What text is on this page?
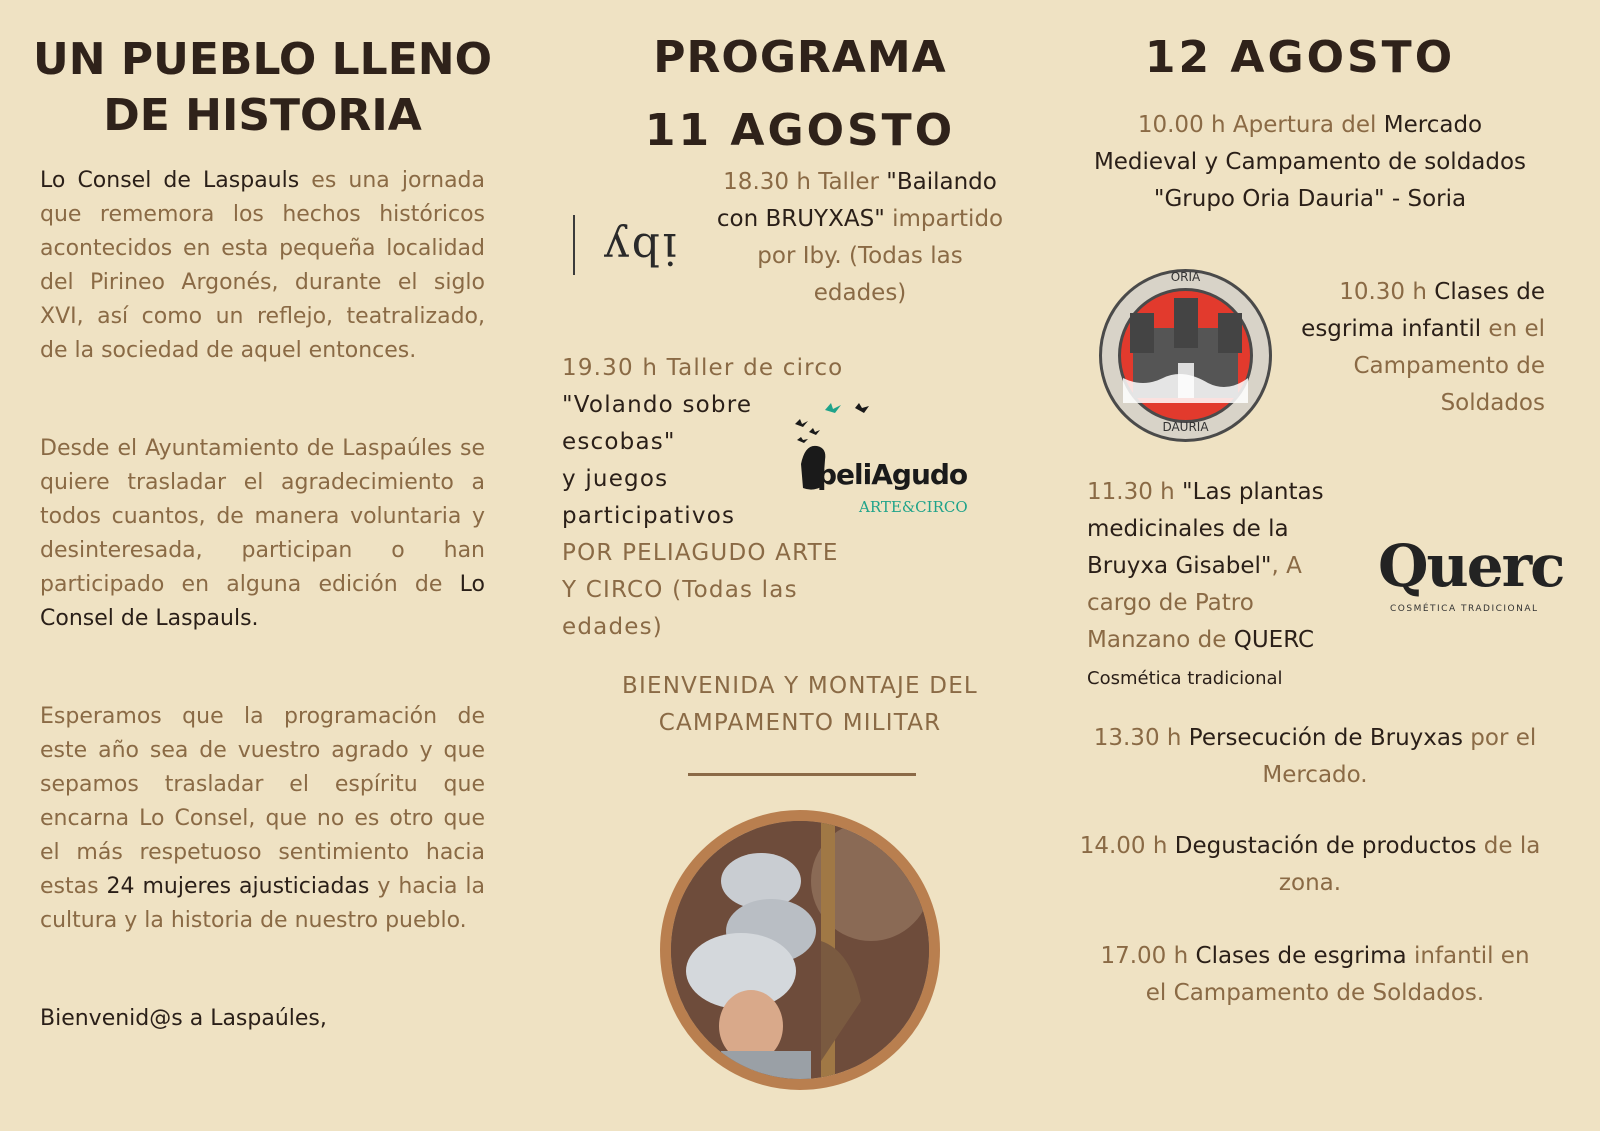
UN PUEBLO LLENO
DE HISTORIA
Lo Consel de Laspauls es una jornada que rememora los hechos históricos acontecidos en esta pequeña localidad del Pirineo Argonés, durante el siglo XVI, así como un reflejo, teatralizado, de la sociedad de aquel entonces.
Desde el Ayuntamiento de Laspaúles se quiere trasladar el agradecimiento a todos cuantos, de manera voluntaria y desinteresada, participan o han participado en alguna edición de Lo Consel de Laspauls.
Esperamos que la programación de este año sea de vuestro agrado y que sepamos trasladar el espíritu que encarna Lo Consel, que no es otro que el más respetuoso sentimiento hacia estas 24 mujeres ajusticiadas y hacia la cultura y la historia de nuestro pueblo.
Bienvenid@s a Laspaúles,
PROGRAMA
11 AGOSTO
18.30 h Taller "Bailando
con BRUYXAS" impartido
por Iby. (Todas las
edades)
19.30 h Taller de circo
"Volando sobre
escobas"
y juegos
participativos
POR PELIAGUDO ARTE
Y CIRCO (Todas las
edades)
BIENVENIDA Y MONTAJE DEL
CAMPAMENTO MILITAR
iby
peliAgudo
ARTE&CIRCO
12 AGOSTO
10.00 h Apertura del Mercado
Medieval y Campamento de soldados
"Grupo Oria Dauria" - Soria
10.30 h Clases de
esgrima infantil en el
Campamento de
Soldados
11.30 h "Las plantas
medicinales de la
Bruyxa Gisabel", A
cargo de Patro
Manzano de QUERC
Cosmética tradicional
13.30 h Persecución de Bruyxas por el
Mercado.
14.00 h Degustación de productos de la
zona.
17.00 h Clases de esgrima infantil en
el Campamento de Soldados.
ORIA
DAURIA
Querc
COSMÉTICA TRADICIONAL
